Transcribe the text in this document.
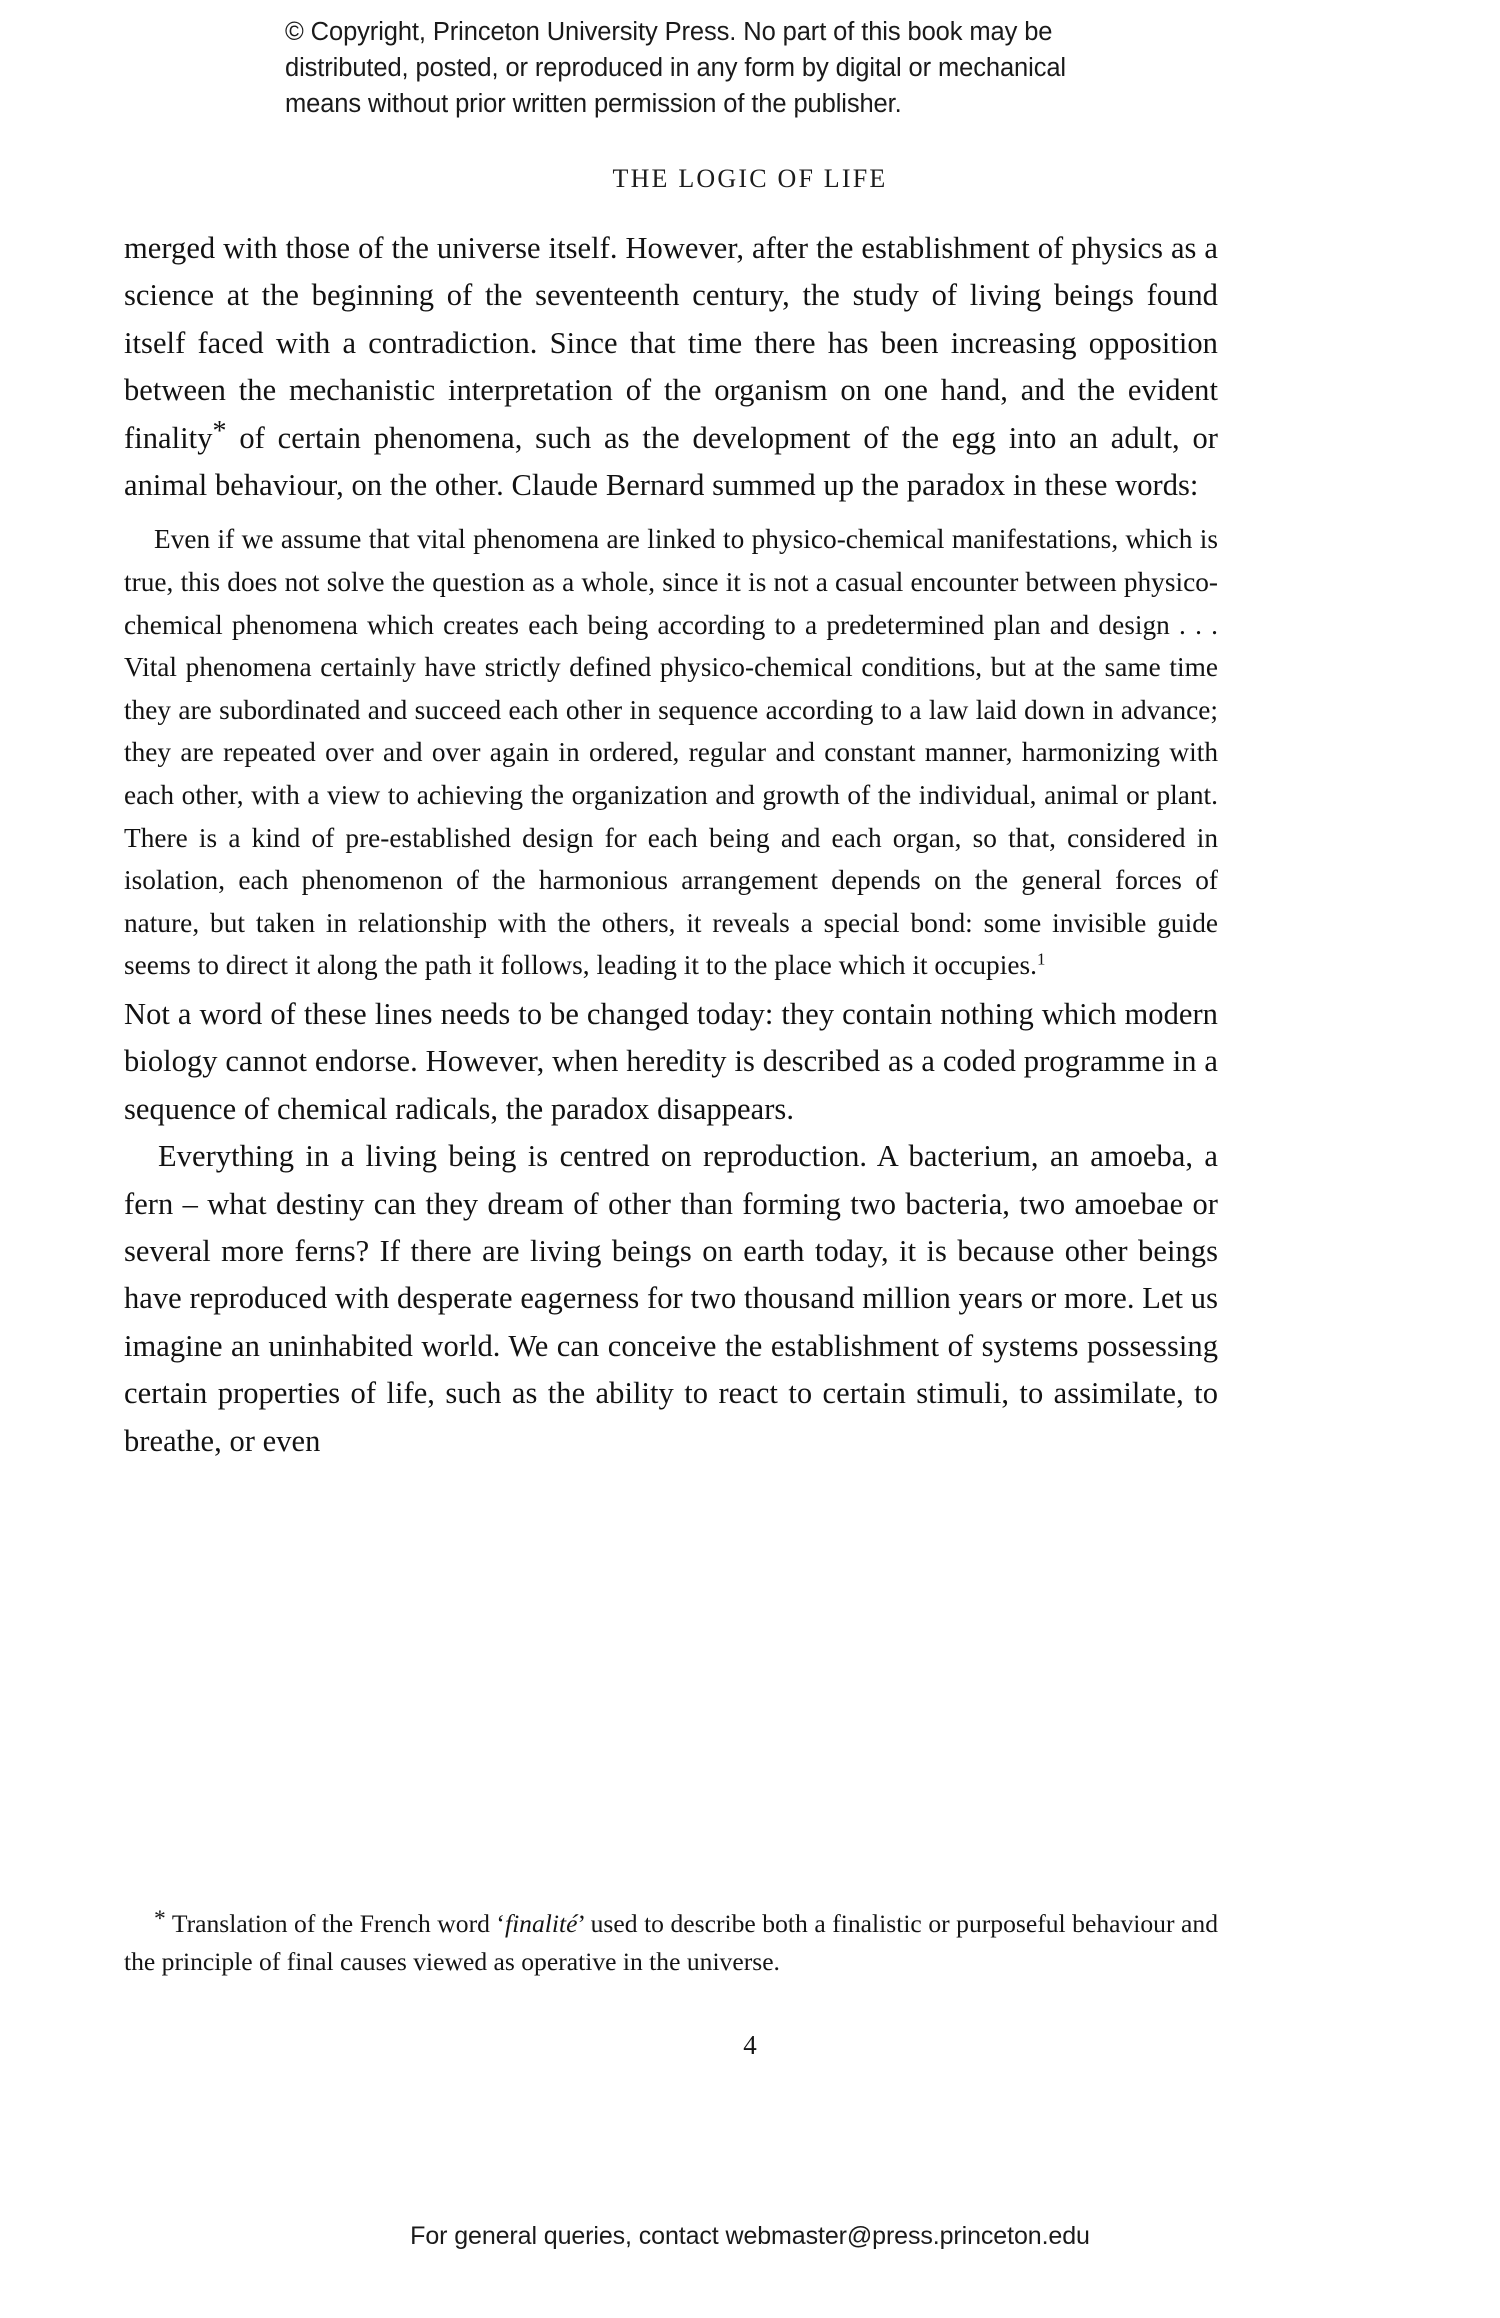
© Copyright, Princeton University Press. No part of this book may be
distributed, posted, or reproduced in any form by digital or mechanical
means without prior written permission of the publisher.
THE LOGIC OF LIFE

merged with those of the universe itself. However, after the establishment of physics as a science at the beginning of the seventeenth century, the study of living beings found itself faced with a contradiction. Since that time there has been increasing opposition between the mechanistic interpretation of the organism on one hand, and the evident finality* of certain phenomena, such as the development of the egg into an adult, or animal behaviour, on the other. Claude Bernard summed up the paradox in these words:

Even if we assume that vital phenomena are linked to physico-chemical manifestations, which is true, this does not solve the question as a whole, since it is not a casual encounter between physico-chemical phenomena which creates each being according to a predetermined plan and design . . . Vital phenomena certainly have strictly defined physico-chemical conditions, but at the same time they are subordinated and succeed each other in sequence according to a law laid down in advance; they are repeated over and over again in ordered, regular and constant manner, harmonizing with each other, with a view to achieving the organization and growth of the individual, animal or plant. There is a kind of pre-established design for each being and each organ, so that, considered in isolation, each phenomenon of the harmonious arrangement depends on the general forces of nature, but taken in relationship with the others, it reveals a special bond: some invisible guide seems to direct it along the path it follows, leading it to the place which it occupies.$^1$

Not a word of these lines needs to be changed today: they contain nothing which modern biology cannot endorse. However, when heredity is described as a coded programme in a sequence of chemical radicals, the paradox disappears.

Everything in a living being is centred on reproduction. A bacterium, an amoeba, a fern – what destiny can they dream of other than forming two bacteria, two amoebae or several more ferns? If there are living beings on earth today, it is because other beings have reproduced with desperate eagerness for two thousand million years or more. Let us imagine an uninhabited world. We can conceive the establishment of systems possessing certain properties of life, such as the ability to react to certain stimuli, to assimilate, to breathe, or even

* Translation of the French word ‘finalité’ used to describe both a finalistic or purposeful behaviour and the principle of final causes viewed as operative in the universe.

4
For general queries, contact webmaster@press.princeton.edu
